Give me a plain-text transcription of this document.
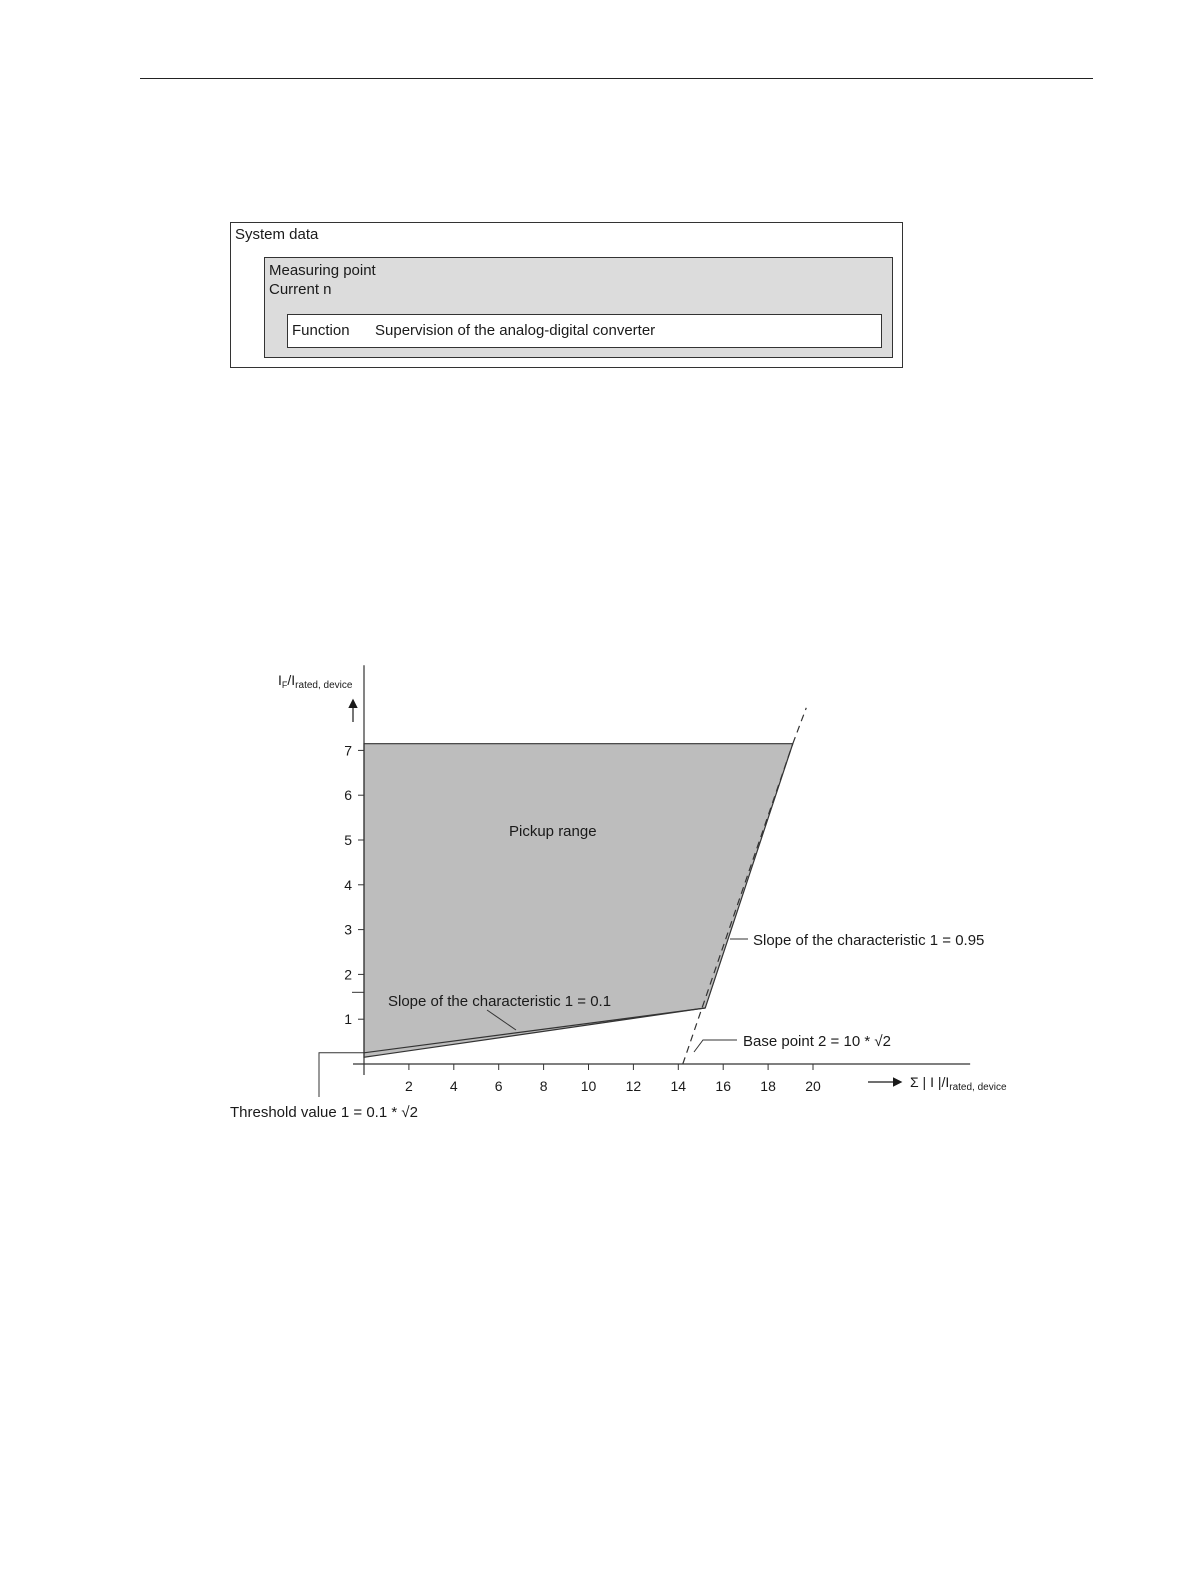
System data
Measuring point
Current n
Function Supervision of the analog-digital converter
2	4	6	8 10 12 14 16 18 20
1
2
3
4
5
6
7
$I_F/I_{rated, device}$
Σ | I $|/I_{rated, device}$
Pickup range
Slope of the characteristic 1 = 0.95
Slope of the characteristic 1 = 0.1
Base point 2 = 10 * √2
Threshold value 1 = 0.1 * √2
